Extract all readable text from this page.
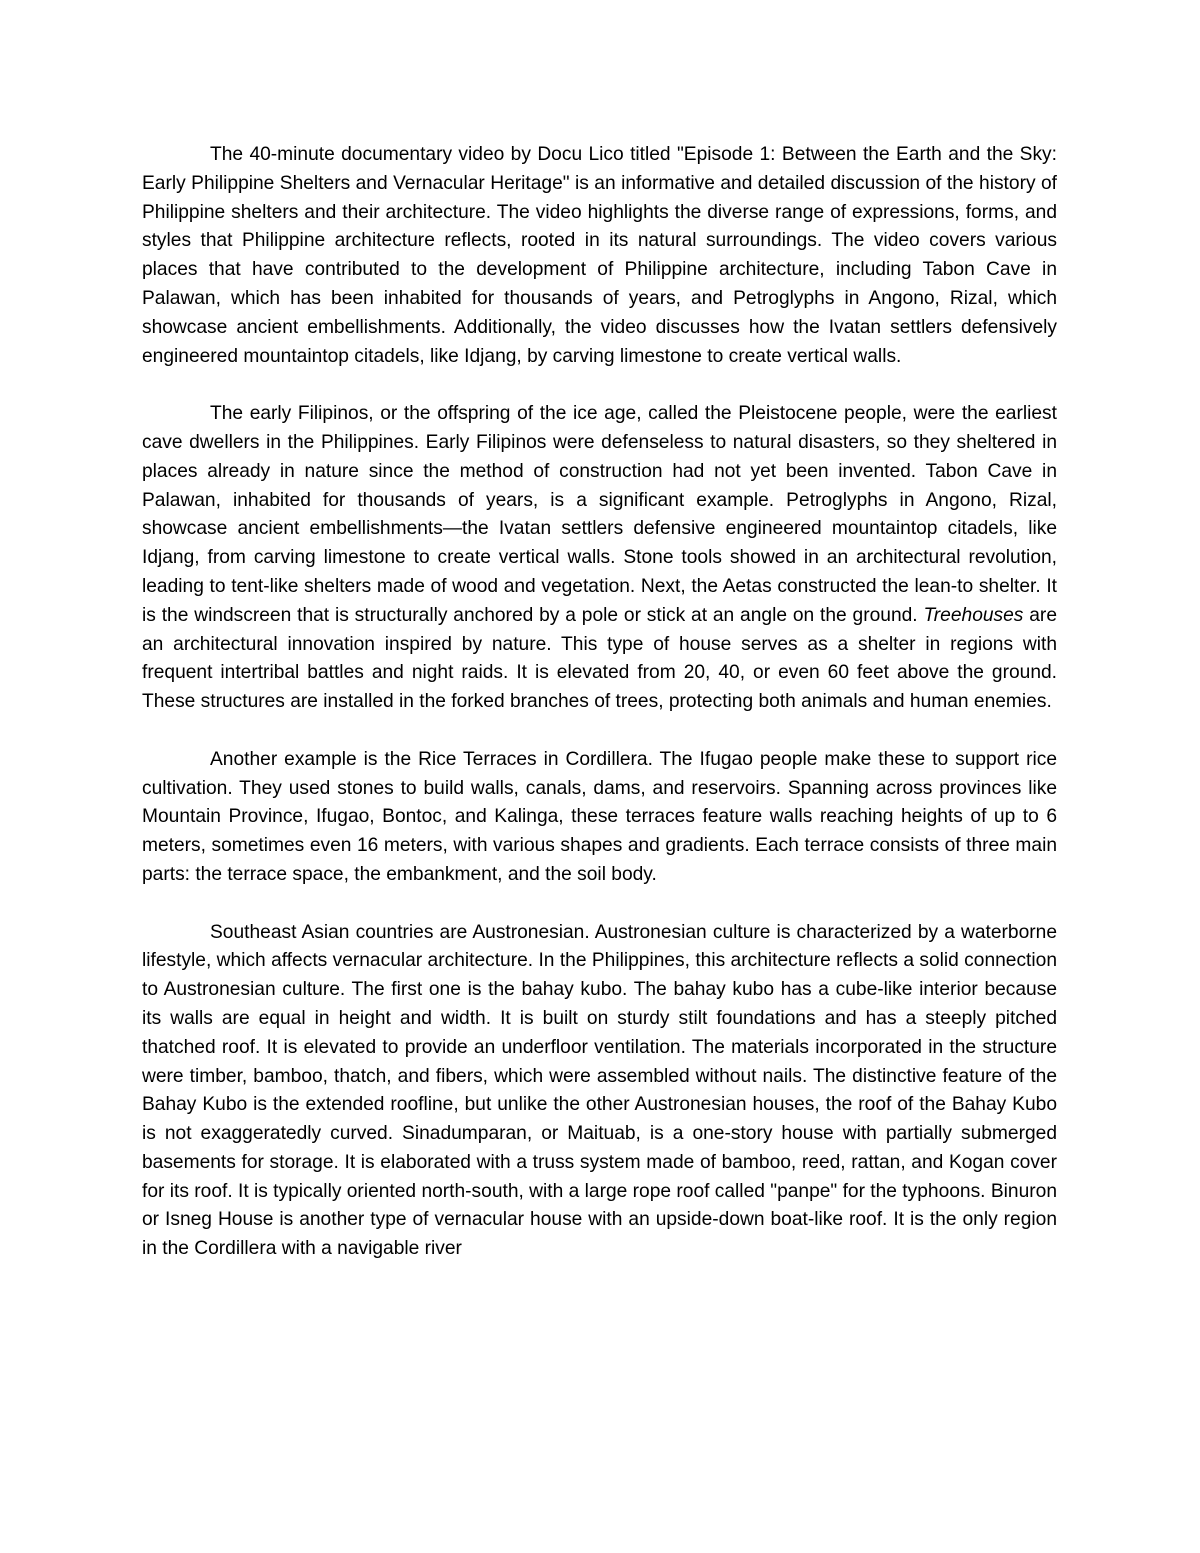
The 40-minute documentary video by Docu Lico titled "Episode 1: Between the Earth and the Sky: Early Philippine Shelters and Vernacular Heritage" is an informative and detailed discussion of the history of Philippine shelters and their architecture. The video highlights the diverse range of expressions, forms, and styles that Philippine architecture reflects, rooted in its natural surroundings. The video covers various places that have contributed to the development of Philippine architecture, including Tabon Cave in Palawan, which has been inhabited for thousands of years, and Petroglyphs in Angono, Rizal, which showcase ancient embellishments. Additionally, the video discusses how the Ivatan settlers defensively engineered mountaintop citadels, like Idjang, by carving limestone to create vertical walls.

The early Filipinos, or the offspring of the ice age, called the Pleistocene people, were the earliest cave dwellers in the Philippines. Early Filipinos were defenseless to natural disasters, so they sheltered in places already in nature since the method of construction had not yet been invented. Tabon Cave in Palawan, inhabited for thousands of years, is a significant example. Petroglyphs in Angono, Rizal, showcase ancient embellishments—the Ivatan settlers defensive engineered mountaintop citadels, like Idjang, from carving limestone to create vertical walls. Stone tools showed in an architectural revolution, leading to tent-like shelters made of wood and vegetation. Next, the Aetas constructed the lean-to shelter. It is the windscreen that is structurally anchored by a pole or stick at an angle on the ground. Treehouses are an architectural innovation inspired by nature. This type of house serves as a shelter in regions with frequent intertribal battles and night raids. It is elevated from 20, 40, or even 60 feet above the ground. These structures are installed in the forked branches of trees, protecting both animals and human enemies.

Another example is the Rice Terraces in Cordillera. The Ifugao people make these to support rice cultivation. They used stones to build walls, canals, dams, and reservoirs. Spanning across provinces like Mountain Province, Ifugao, Bontoc, and Kalinga, these terraces feature walls reaching heights of up to 6 meters, sometimes even 16 meters, with various shapes and gradients. Each terrace consists of three main parts: the terrace space, the embankment, and the soil body.

Southeast Asian countries are Austronesian. Austronesian culture is characterized by a waterborne lifestyle, which affects vernacular architecture. In the Philippines, this architecture reflects a solid connection to Austronesian culture. The first one is the bahay kubo. The bahay kubo has a cube-like interior because its walls are equal in height and width. It is built on sturdy stilt foundations and has a steeply pitched thatched roof. It is elevated to provide an underfloor ventilation. The materials incorporated in the structure were timber, bamboo, thatch, and fibers, which were assembled without nails. The distinctive feature of the Bahay Kubo is the extended roofline, but unlike the other Austronesian houses, the roof of the Bahay Kubo is not exaggeratedly curved. Sinadumparan, or Maituab, is a one-story house with partially submerged basements for storage. It is elaborated with a truss system made of bamboo, reed, rattan, and Kogan cover for its roof. It is typically oriented north-south, with a large rope roof called "panpe" for the typhoons. Binuron or Isneg House is another type of vernacular house with an upside-down boat-like roof. It is the only region in the Cordillera with a navigable river
